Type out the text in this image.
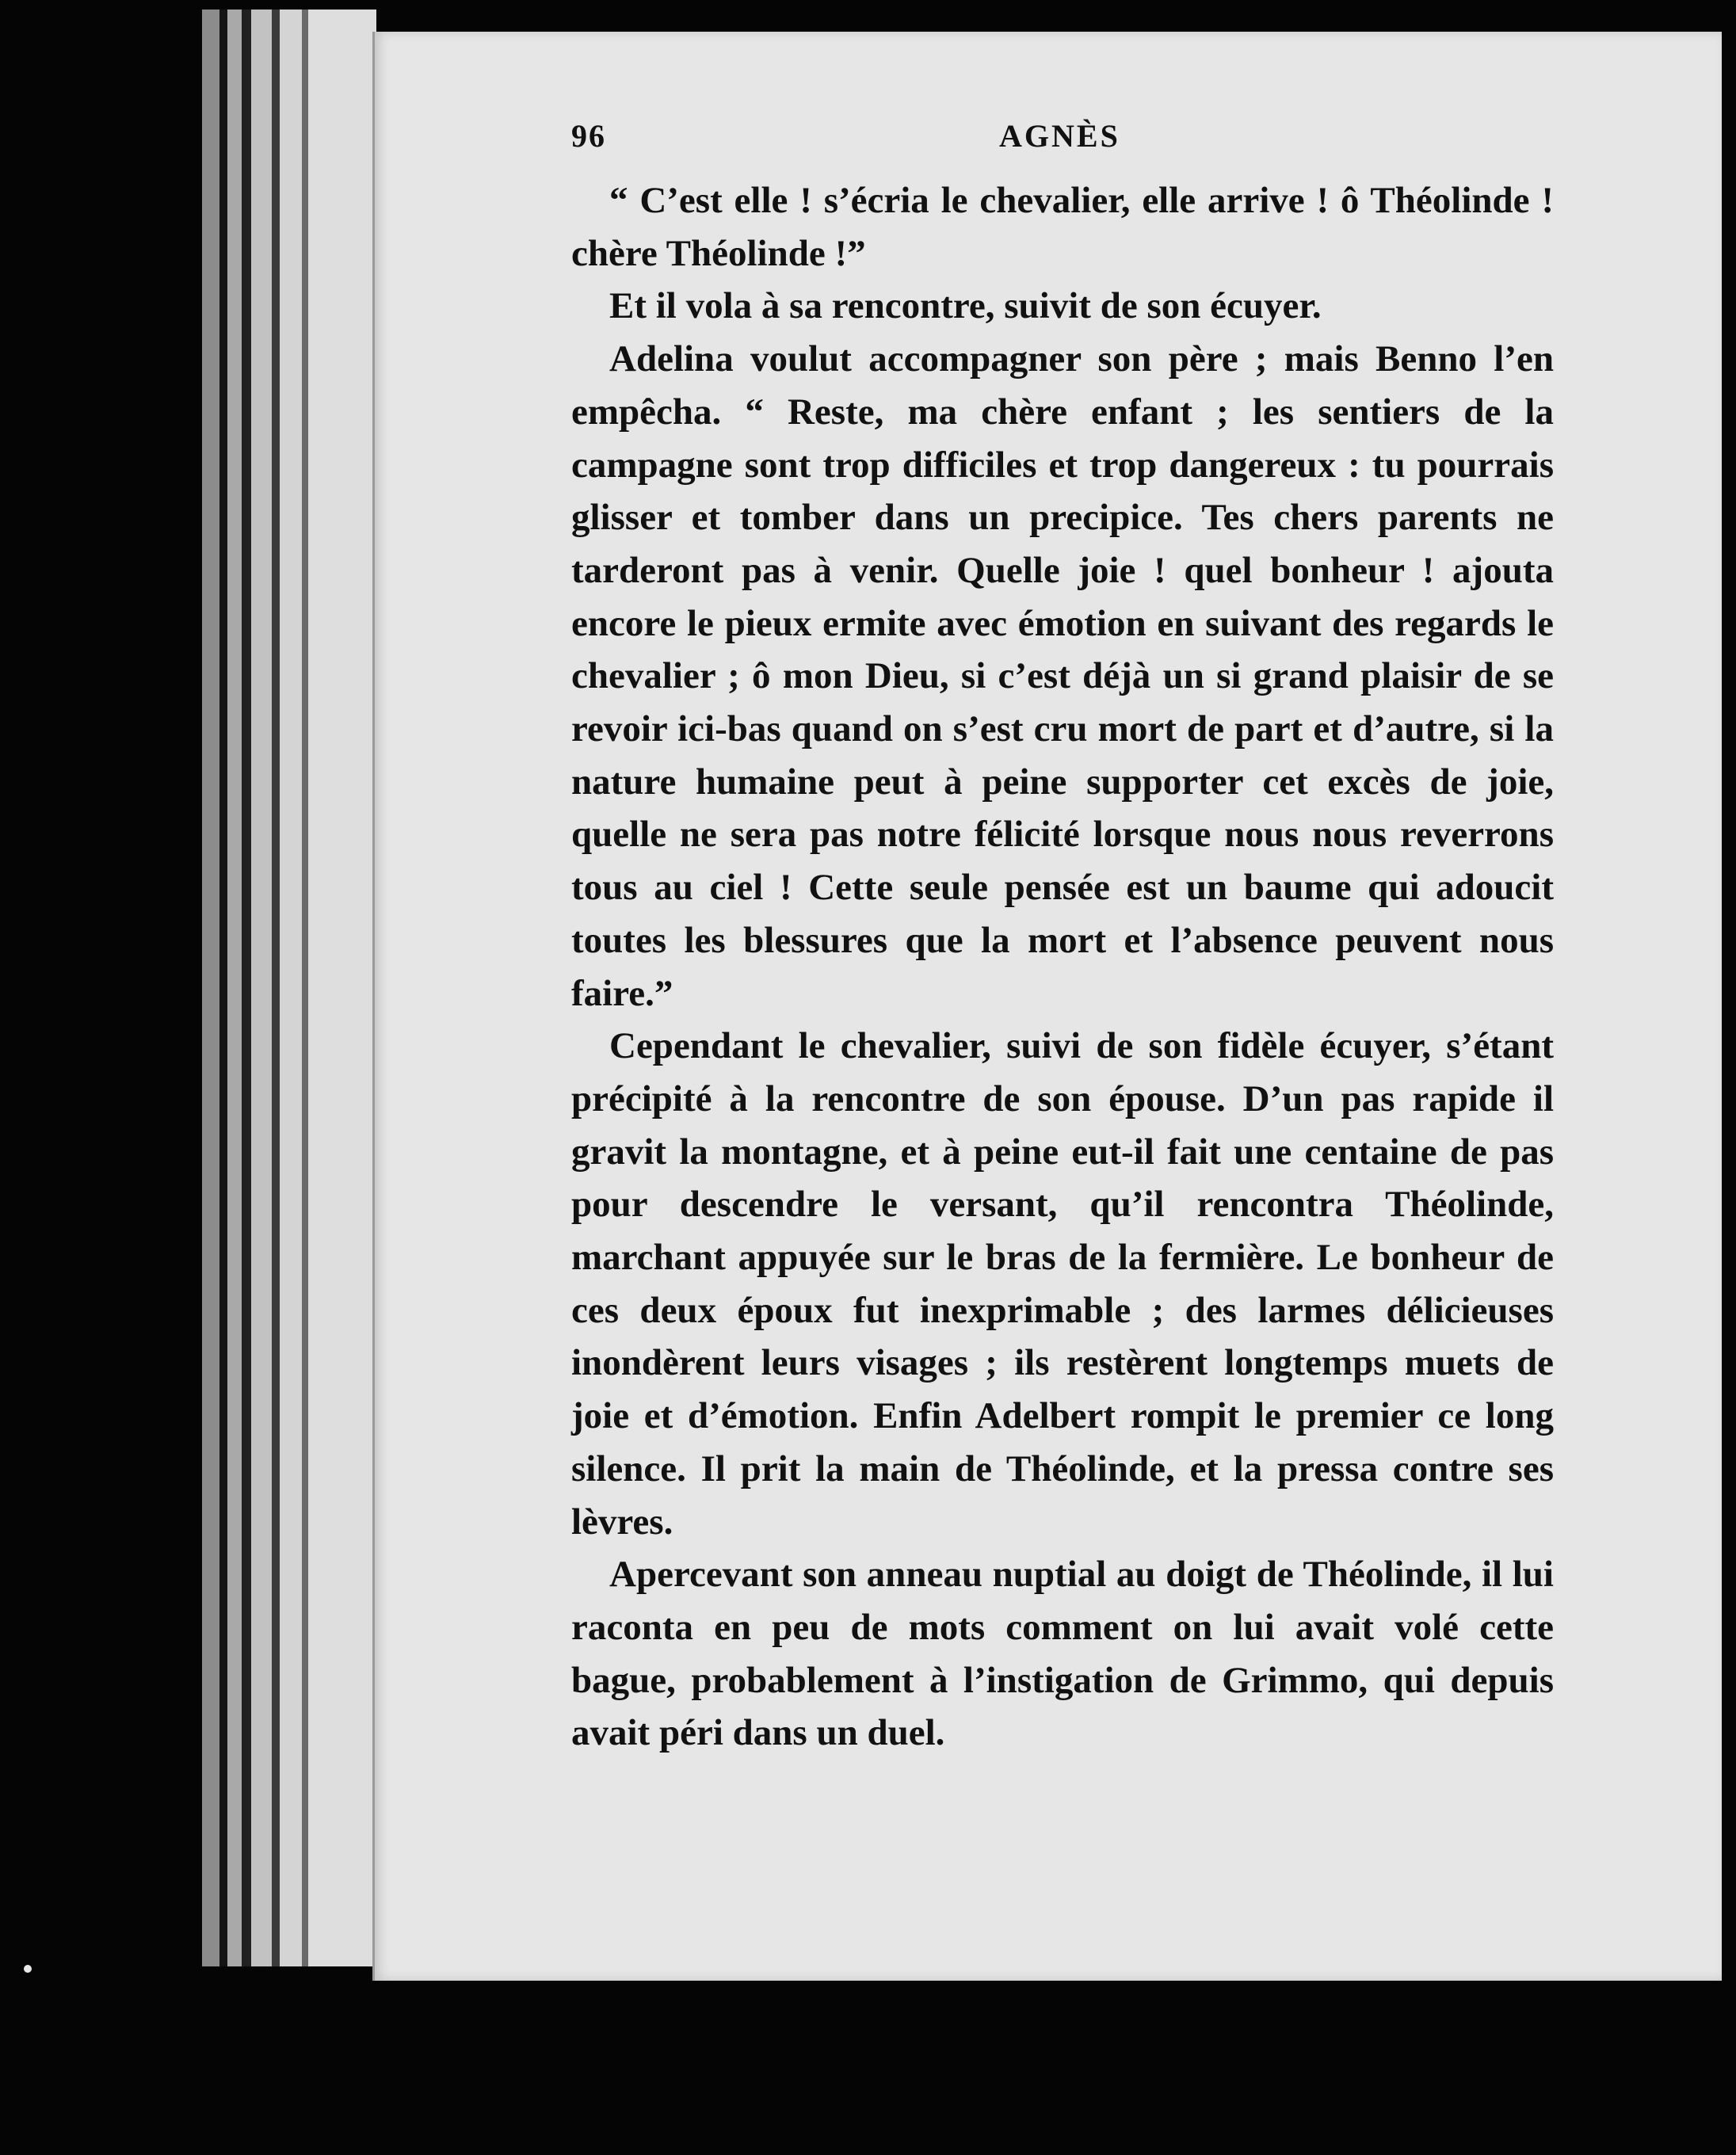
96	AGNÈS

“ C’est elle ! s’écria le chevalier, elle arrive ! ô Théolinde ! chère Théolinde !”

Et il vola à sa rencontre, suivit de son écuyer.

Adelina voulut accompagner son père ; mais Benno l’en empêcha. “ Reste, ma chère enfant ; les sentiers de la campagne sont trop difficiles et trop dangereux : tu pourrais glisser et tomber dans un precipice. Tes chers parents ne tarderont pas à venir. Quelle joie ! quel bonheur ! ajouta encore le pieux ermite avec émotion en suivant des regards le chevalier ; ô mon Dieu, si c’est déjà un si grand plaisir de se revoir ici-bas quand on s’est cru mort de part et d’autre, si la nature humaine peut à peine supporter cet excès de joie, quelle ne sera pas notre félicité lorsque nous nous reverrons tous au ciel ! Cette seule pensée est un baume qui adoucit toutes les blessures que la mort et l’absence peuvent nous faire.”

Cependant le chevalier, suivi de son fidèle écuyer, s’étant précipité à la rencontre de son épouse. D’un pas rapide il gravit la montagne, et à peine eut-il fait une centaine de pas pour descendre le versant, qu’il rencontra Théolinde, marchant appuyée sur le bras de la fermière. Le bonheur de ces deux époux fut inexprimable ; des larmes délicieuses inondèrent leurs visages ; ils restèrent longtemps muets de joie et d’émotion. Enfin Adelbert rompit le premier ce long silence. Il prit la main de Théolinde, et la pressa contre ses lèvres.

Apercevant son anneau nuptial au doigt de Théolinde, il lui raconta en peu de mots comment on lui avait volé cette bague, probablement à l’instigation de Grimmo, qui depuis avait péri dans un duel.
